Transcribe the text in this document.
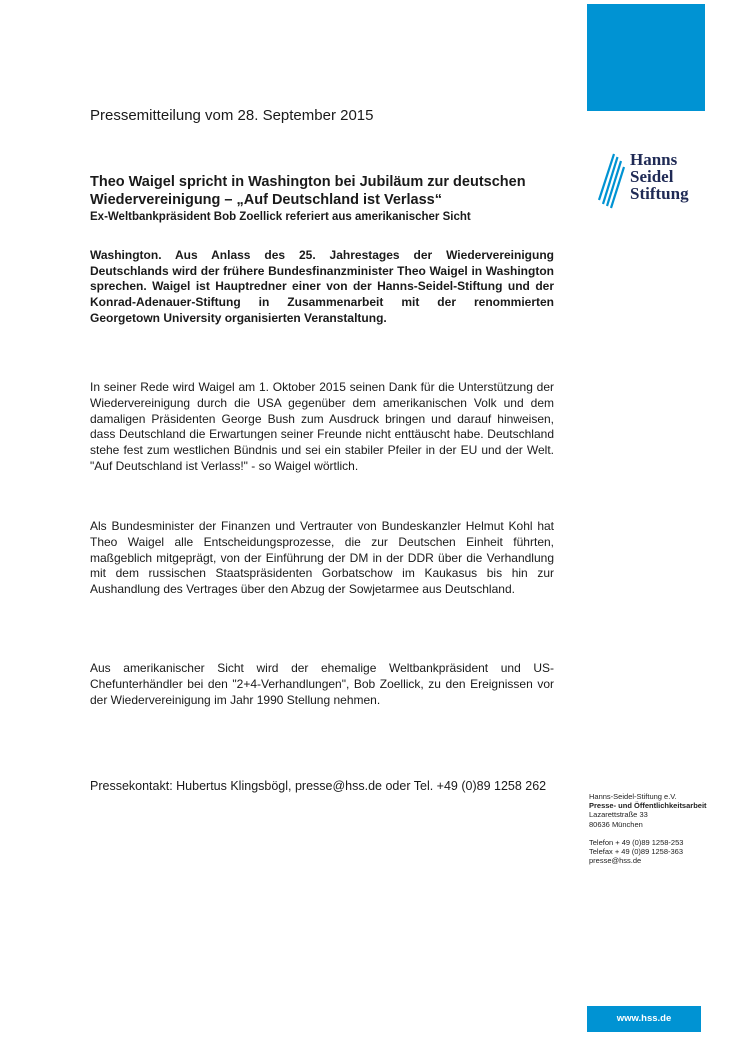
Hanns
Seidel
Stiftung
Pressemitteilung vom 28. September 2015
Theo Waigel spricht in Washington bei Jubiläum zur deutschen Wiedervereinigung – „Auf Deutschland ist Verlass“
Ex-Weltbankpräsident Bob Zoellick referiert aus amerikanischer Sicht
Washington. Aus Anlass des 25. Jahrestages der Wiedervereinigung Deutschlands wird der frühere Bundesfinanzminister Theo Waigel in Washington sprechen. Waigel ist Hauptredner einer von der Hanns-Seidel-Stiftung und der Konrad-Adenauer-Stiftung in Zusammenarbeit mit der renommierten Georgetown University organisierten Veranstaltung.
In seiner Rede wird Waigel am 1. Oktober 2015 seinen Dank für die Unterstützung der Wiedervereinigung durch die USA gegenüber dem amerikanischen Volk und dem damaligen Präsidenten George Bush zum Ausdruck bringen und darauf hinweisen, dass Deutschland die Erwartungen seiner Freunde nicht enttäuscht habe. Deutschland stehe fest zum westlichen Bündnis und sei ein stabiler Pfeiler in der EU und der Welt. "Auf Deutschland ist Verlass!" - so Waigel wörtlich.
Als Bundesminister der Finanzen und Vertrauter von Bundeskanzler Helmut Kohl hat Theo Waigel alle Entscheidungsprozesse, die zur Deutschen Einheit führten, maßgeblich mitgeprägt, von der Einführung der DM in der DDR über die Verhandlung mit dem russischen Staatspräsidenten Gorbatschow im Kaukasus bis hin zur Aushandlung des Vertrages über den Abzug der Sowjetarmee aus Deutschland.
Aus amerikanischer Sicht wird der ehemalige Weltbankpräsident und US-Chefunterhändler bei den "2+4-Verhandlungen", Bob Zoellick, zu den Ereignissen vor der Wiedervereinigung im Jahr 1990 Stellung nehmen.
Pressekontakt: Hubertus Klingsbögl, presse@hss.de oder Tel. +49 (0)89 1258 262
Hanns-Seidel-Stiftung e.V.
Presse- und Öffentlichkeitsarbeit
Lazarettstraße 33
80636 München
Telefon + 49 (0)89 1258-253
Telefax + 49 (0)89 1258-363
presse@hss.de
www.hss.de
